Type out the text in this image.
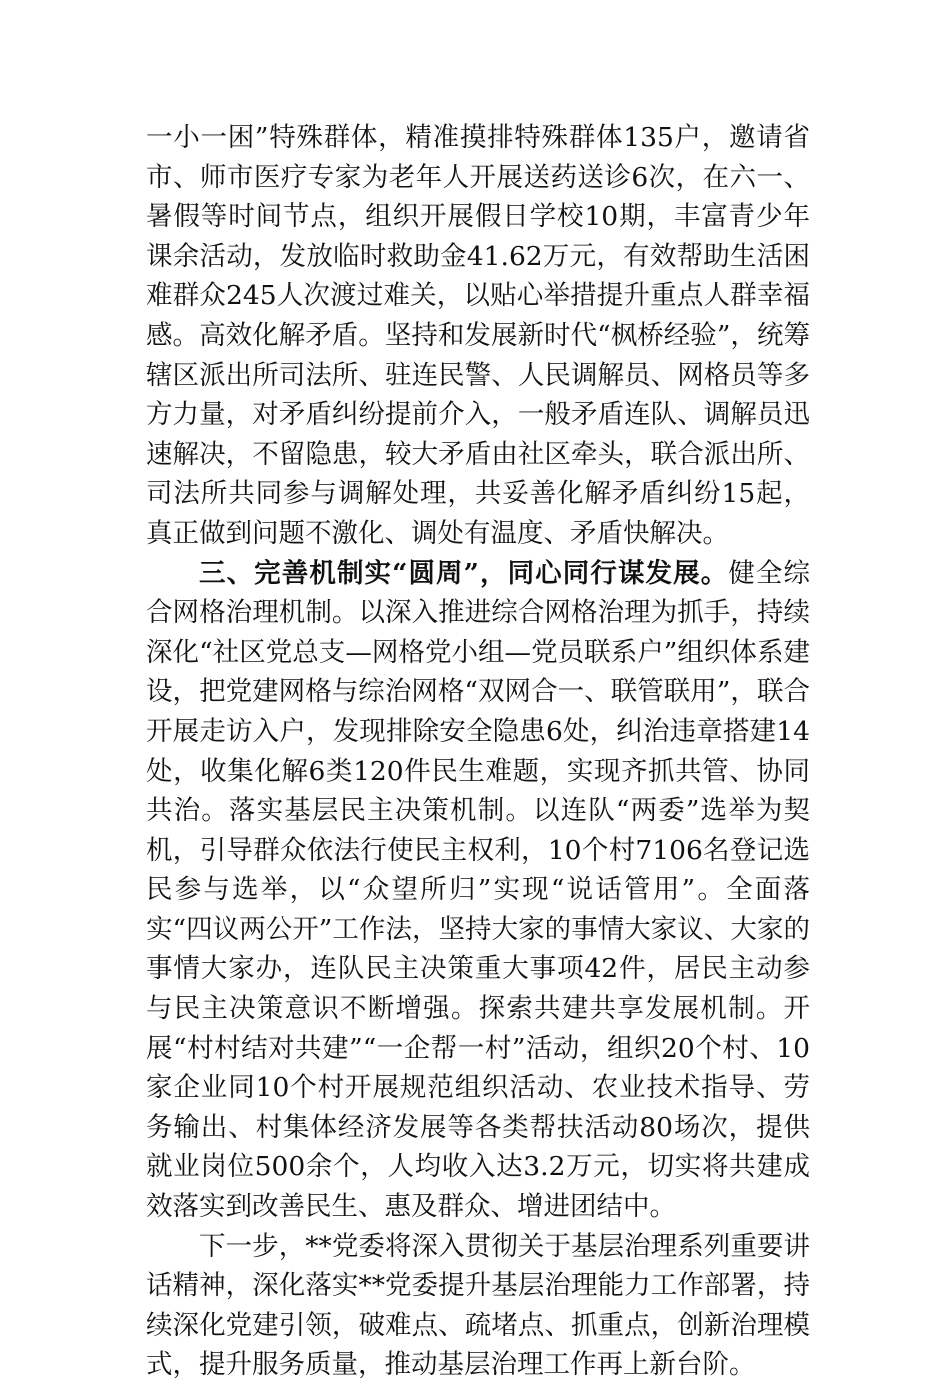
一小一困”特殊群体，精准摸排特殊群体135户，邀请省市、师市医疗专家为老年人开展送药送诊6次，在六一、暑假等时间节点，组织开展假日学校10期，丰富青少年课余活动，发放临时救助金41.62万元，有效帮助生活困难群众245人次渡过难关，以贴心举措提升重点人群幸福感。高效化解矛盾。坚持和发展新时代“枫桥经验”，统筹辖区派出所司法所、驻连民警、人民调解员、网格员等多方力量，对矛盾纠纷提前介入，一般矛盾连队、调解员迅速解决，不留隐患，较大矛盾由社区牵头，联合派出所、司法所共同参与调解处理，共妥善化解矛盾纠纷15起，真正做到问题不激化、调处有温度、矛盾快解决。

三、完善机制实“圆周”，同心同行谋发展。健全综合网格治理机制。以深入推进综合网格治理为抓手，持续深化“社区党总支—网格党小组—党员联系户”组织体系建设，把党建网格与综治网格“双网合一、联管联用”，联合开展走访入户，发现排除安全隐患6处，纠治违章搭建14处，收集化解6类120件民生难题，实现齐抓共管、协同共治。落实基层民主决策机制。以连队“两委”选举为契机，引导群众依法行使民主权利，10个村7106名登记选民参与选举，以“众望所归”实现“说话管用”。全面落实“四议两公开”工作法，坚持大家的事情大家议、大家的事情大家办，连队民主决策重大事项42件，居民主动参与民主决策意识不断增强。探索共建共享发展机制。开展“村村结对共建”“一企帮一村”活动，组织20个村、10家企业同10个村开展规范组织活动、农业技术指导、劳务输出、村集体经济发展等各类帮扶活动80场次，提供就业岗位500余个，人均收入达3.2万元，切实将共建成效落实到改善民生、惠及群众、增进团结中。

下一步，**党委将深入贯彻关于基层治理系列重要讲话精神，深化落实**党委提升基层治理能力工作部署，持续深化党建引领，破难点、疏堵点、抓重点，创新治理模式，提升服务质量，推动基层治理工作再上新台阶。
